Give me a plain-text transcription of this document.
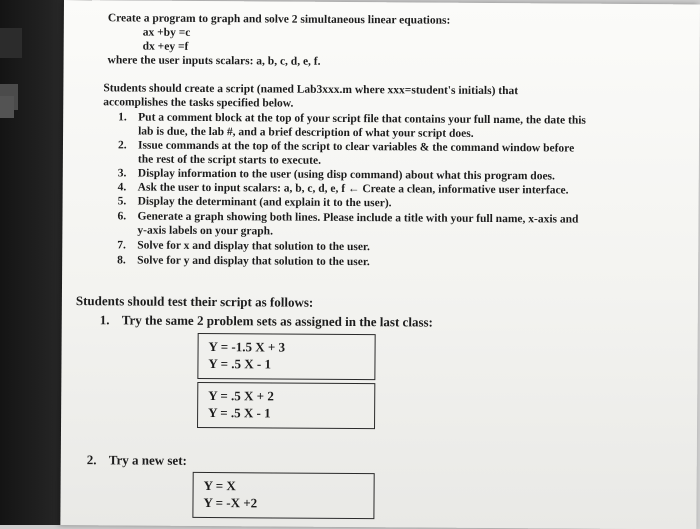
Create a program to graph and solve 2 simultaneous linear equations:
ax +by =c
dx +ey =f
where the user inputs scalars: a, b, c, d, e, f.
Students should create a script (named Lab3xxx.m where xxx=student's initials) that
accomplishes the tasks specified below.
1. Put a comment block at the top of your script file that contains your full name, the date this
lab is due, the lab #, and a brief description of what your script does.
2. Issue commands at the top of the script to clear variables & the command window before
the rest of the script starts to execute.
3. Display information to the user (using disp command) about what this program does.
4. Ask the user to input scalars: a, b, c, d, e, f ← Create a clean, informative user interface.
5. Display the determinant (and explain it to the user).
6. Generate a graph showing both lines. Please include a title with your full name, x-axis and
y-axis labels on your graph.
7. Solve for x and display that solution to the user.
8. Solve for y and display that solution to the user.
Students should test their script as follows:
1. Try the same 2 problem sets as assigned in the last class:
Y = -1.5 X + 3
Y = .5 X - 1
Y = .5 X + 2
Y = .5 X - 1
2. Try a new set:
Y = X
Y = -X +2
